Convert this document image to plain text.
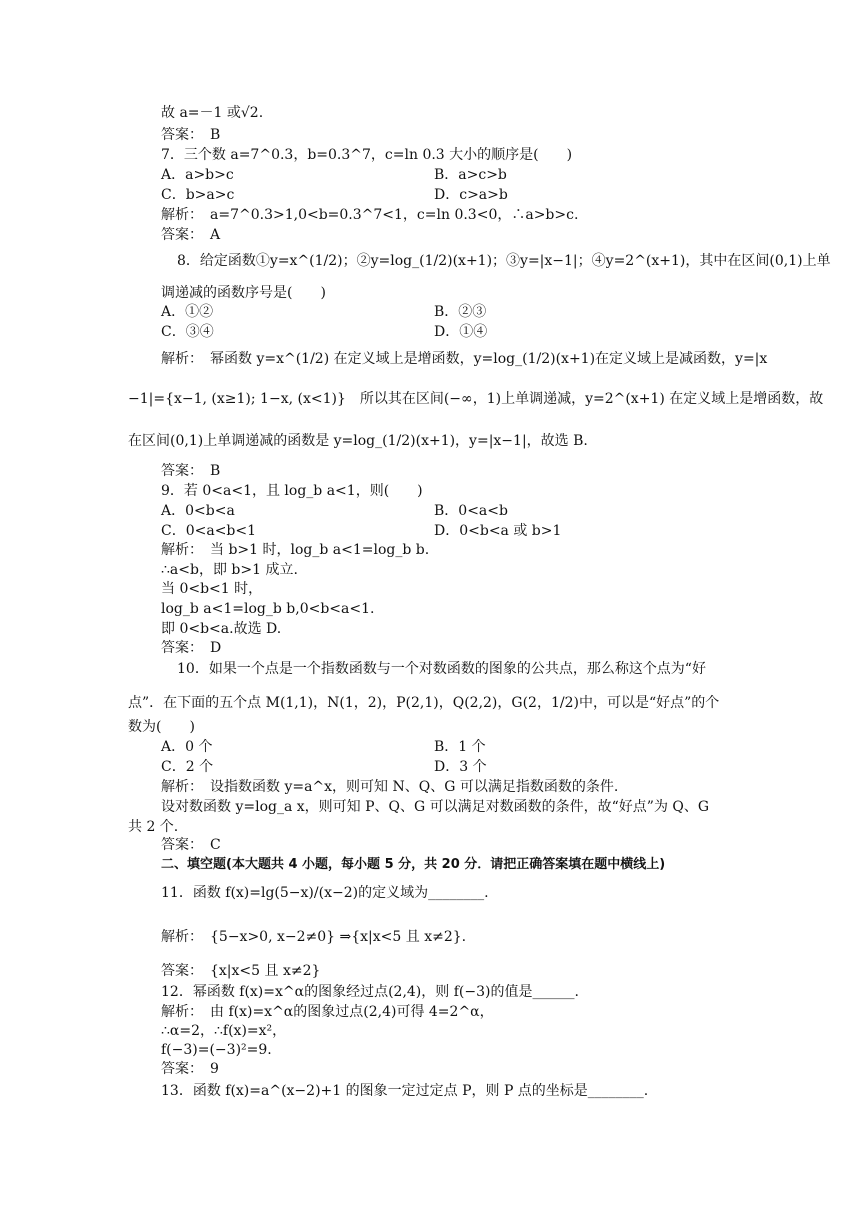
故 a=－1 或√2.
答案：　B
7．三个数 a=7^0.3，b=0.3^7，c=ln 0.3 大小的顺序是(　　)
A．a>b>c	B．a>c>b
C．b>a>c	D．c>a>b
解析：　a=7^0.3>1,0<b=0.3^7<1，c=ln 0.3<0，∴a>b>c.
答案：　A
8．给定函数①y=x^(1/2)；②y=log_(1/2)(x+1)；③y=|x−1|；④y=2^(x+1)，其中在区间(0,1)上单
调递减的函数序号是(　　)
A．①②	B．②③
C．③④	D．①④
解析：　幂函数 y=x^(1/2) 在定义域上是增函数，y=log_(1/2)(x+1)在定义域上是减函数，y=|x
−1|={x−1, (x≥1); 1−x, (x<1)}　所以其在区间(−∞，1)上单调递减，y=2^(x+1) 在定义域上是增函数，故
在区间(0,1)上单调递减的函数是 y=log_(1/2)(x+1)，y=|x−1|，故选 B.
答案：　B
9．若 0<a<1，且 log_b a<1，则(　　)
A．0<b<a	B．0<a<b
C．0<a<b<1	D．0<b<a 或 b>1
解析：　当 b>1 时，log_b a<1=log_b b.
∴a<b，即 b>1 成立.
当 0<b<1 时，
log_b a<1=log_b b,0<b<a<1.
即 0<b<a.故选 D.
答案：　D
10．如果一个点是一个指数函数与一个对数函数的图象的公共点，那么称这个点为“好
点”．在下面的五个点 M(1,1)，N(1，2)，P(2,1)，Q(2,2)，G(2，1/2)中，可以是“好点”的个
数为(　　)
A．0 个	B．1 个
C．2 个	D．3 个
解析：　设指数函数 y=a^x，则可知 N、Q、G 可以满足指数函数的条件.
设对数函数 y=log_a x，则可知 P、Q、G 可以满足对数函数的条件，故“好点”为 Q、G
共 2 个.
答案：　C
二、填空题(本大题共 4 小题，每小题 5 分，共 20 分．请把正确答案填在题中横线上)
11．函数 f(x)=lg(5−x)/(x−2)的定义域为________.
解析：　{5−x>0, x−2≠0} ⇒{x|x<5 且 x≠2}.
答案：　{x|x<5 且 x≠2}
12．幂函数 f(x)=x^α的图象经过点(2,4)，则 f(−3)的值是______.
解析：　由 f(x)=x^α的图象过点(2,4)可得 4=2^α，
∴α=2，∴f(x)=x²，
f(−3)=(−3)²=9.
答案：　9
13．函数 f(x)=a^(x−2)+1 的图象一定过定点 P，则 P 点的坐标是________.
